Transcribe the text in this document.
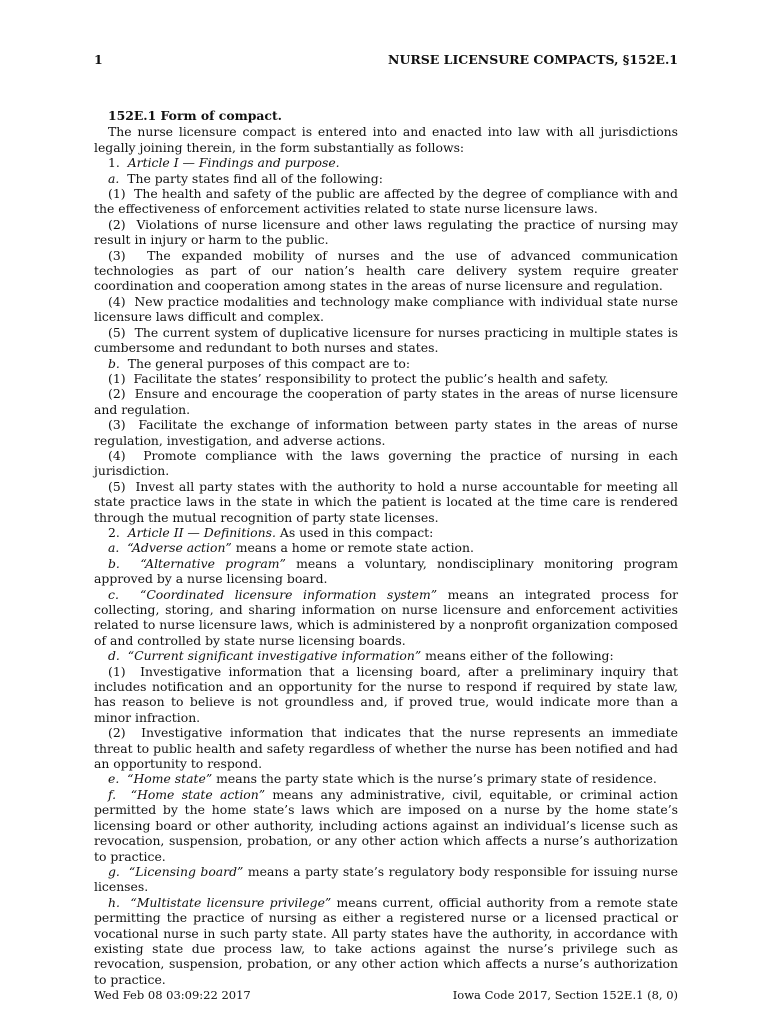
1	NURSE LICENSURE COMPACTS, §152E.1

152E.1 Form of compact.

The nurse licensure compact is entered into and enacted into law with all jurisdictions legally joining therein, in the form substantially as follows:

1. Article I — Findings and purpose.

a. The party states find all of the following:

(1) The health and safety of the public are affected by the degree of compliance with and the effectiveness of enforcement activities related to state nurse licensure laws.

(2) Violations of nurse licensure and other laws regulating the practice of nursing may result in injury or harm to the public.

(3) The expanded mobility of nurses and the use of advanced communication technologies as part of our nation’s health care delivery system require greater coordination and cooperation among states in the areas of nurse licensure and regulation.

(4) New practice modalities and technology make compliance with individual state nurse licensure laws difficult and complex.

(5) The current system of duplicative licensure for nurses practicing in multiple states is cumbersome and redundant to both nurses and states.

b. The general purposes of this compact are to:

(1) Facilitate the states’ responsibility to protect the public’s health and safety.

(2) Ensure and encourage the cooperation of party states in the areas of nurse licensure and regulation.

(3) Facilitate the exchange of information between party states in the areas of nurse regulation, investigation, and adverse actions.

(4) Promote compliance with the laws governing the practice of nursing in each jurisdiction.

(5) Invest all party states with the authority to hold a nurse accountable for meeting all state practice laws in the state in which the patient is located at the time care is rendered through the mutual recognition of party state licenses.

2. Article II — Definitions. As used in this compact:

a. “Adverse action” means a home or remote state action.

b. “Alternative program” means a voluntary, nondisciplinary monitoring program approved by a nurse licensing board.

c. “Coordinated licensure information system” means an integrated process for collecting, storing, and sharing information on nurse licensure and enforcement activities related to nurse licensure laws, which is administered by a nonprofit organization composed of and controlled by state nurse licensing boards.

d. “Current significant investigative information” means either of the following:

(1) Investigative information that a licensing board, after a preliminary inquiry that includes notification and an opportunity for the nurse to respond if required by state law, has reason to believe is not groundless and, if proved true, would indicate more than a minor infraction.

(2) Investigative information that indicates that the nurse represents an immediate threat to public health and safety regardless of whether the nurse has been notified and had an opportunity to respond.

e. “Home state” means the party state which is the nurse’s primary state of residence.

f. “Home state action” means any administrative, civil, equitable, or criminal action permitted by the home state’s laws which are imposed on a nurse by the home state’s licensing board or other authority, including actions against an individual’s license such as revocation, suspension, probation, or any other action which affects a nurse’s authorization to practice.

g. “Licensing board” means a party state’s regulatory body responsible for issuing nurse licenses.

h. “Multistate licensure privilege” means current, official authority from a remote state permitting the practice of nursing as either a registered nurse or a licensed practical or vocational nurse in such party state. All party states have the authority, in accordance with existing state due process law, to take actions against the nurse’s privilege such as revocation, suspension, probation, or any other action which affects a nurse’s authorization to practice.

Wed Feb 08 03:09:22 2017	Iowa Code 2017, Section 152E.1 (8, 0)
